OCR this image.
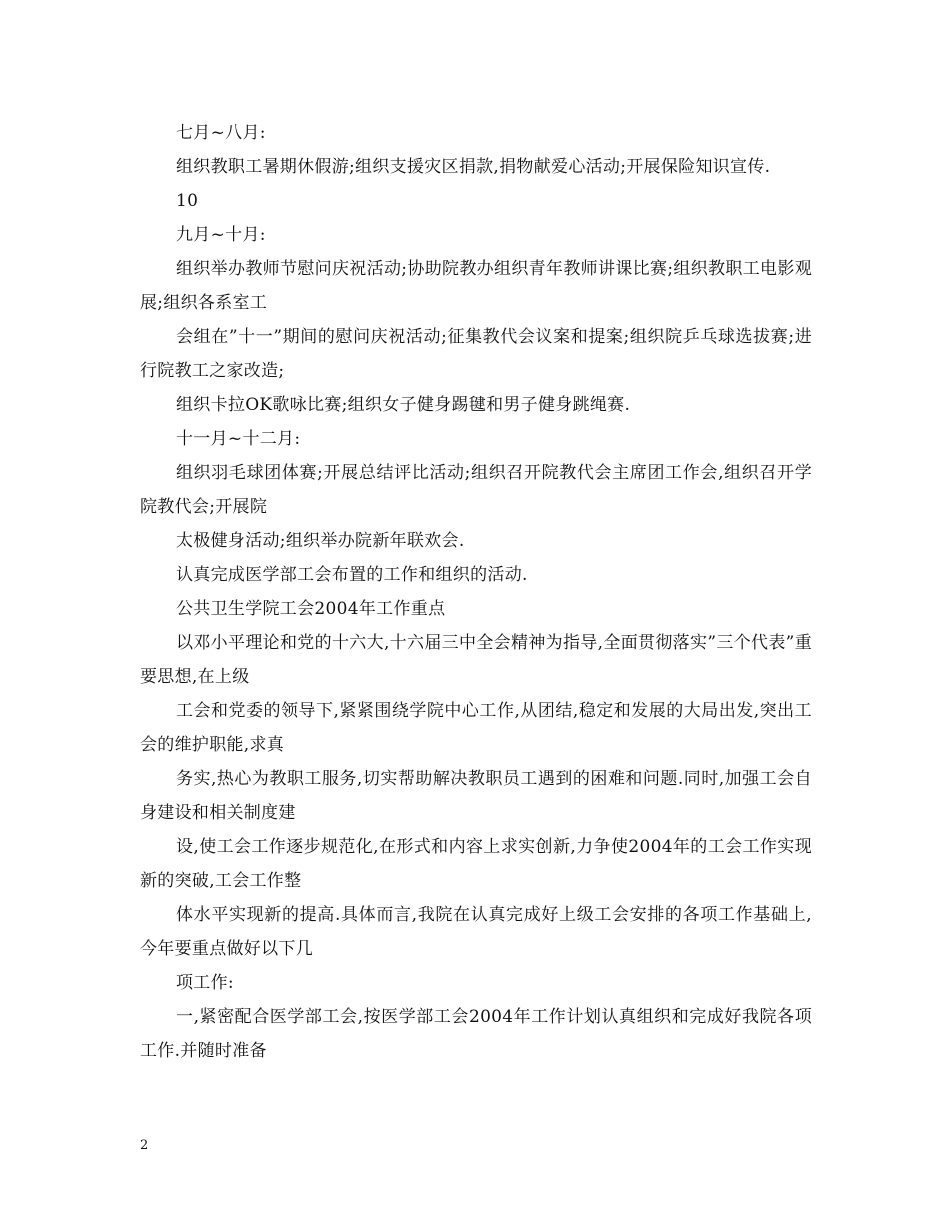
七月~八月:

组织教职工暑期休假游;组织支援灾区捐款,捐物献爱心活动;开展保险知识宣传.

10

九月~十月:

组织举办教师节慰问庆祝活动;协助院教办组织青年教师讲课比赛;组织教职工电影观展;组织各系室工

会组在”十一”期间的慰问庆祝活动;征集教代会议案和提案;组织院乒乓球选拔赛;进行院教工之家改造;

组织卡拉OK歌咏比赛;组织女子健身踢毽和男子健身跳绳赛.

十一月~十二月:

组织羽毛球团体赛;开展总结评比活动;组织召开院教代会主席团工作会,组织召开学院教代会;开展院

太极健身活动;组织举办院新年联欢会.

认真完成医学部工会布置的工作和组织的活动.

公共卫生学院工会2004年工作重点

以邓小平理论和党的十六大,十六届三中全会精神为指导,全面贯彻落实”三个代表”重要思想,在上级

工会和党委的领导下,紧紧围绕学院中心工作,从团结,稳定和发展的大局出发,突出工会的维护职能,求真

务实,热心为教职工服务,切实帮助解决教职员工遇到的困难和问题.同时,加强工会自身建设和相关制度建

设,使工会工作逐步规范化,在形式和内容上求实创新,力争使2004年的工会工作实现新的突破,工会工作整

体水平实现新的提高.具体而言,我院在认真完成好上级工会安排的各项工作基础上,今年要重点做好以下几

项工作:

一,紧密配合医学部工会,按医学部工会2004年工作计划认真组织和完成好我院各项工作.并随时准备

2
